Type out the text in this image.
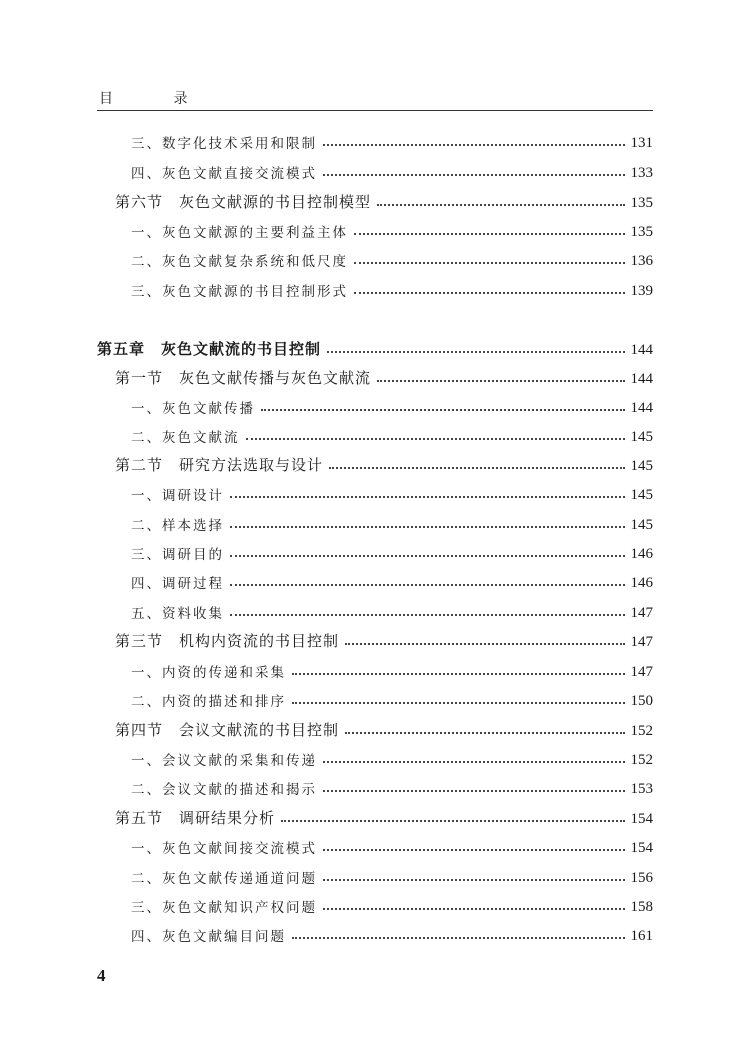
目 录
三、数字化技术采用和限制	131
四、灰色文献直接交流模式	133
第六节　灰色文献源的书目控制模型	135
一、灰色文献源的主要利益主体	135
二、灰色文献复杂系统和低尺度	136
三、灰色文献源的书目控制形式	139
第五章　灰色文献流的书目控制	144
第一节　灰色文献传播与灰色文献流	144
一、灰色文献传播	144
二、灰色文献流	145
第二节　研究方法选取与设计	145
一、调研设计	145
二、样本选择	145
三、调研目的	146
四、调研过程	146
五、资料收集	147
第三节　机构内资流的书目控制	147
一、内资的传递和采集	147
二、内资的描述和排序	150
第四节　会议文献流的书目控制	152
一、会议文献的采集和传递	152
二、会议文献的描述和揭示	153
第五节　调研结果分析	154
一、灰色文献间接交流模式	154
二、灰色文献传递通道问题	156
三、灰色文献知识产权问题	158
四、灰色文献编目问题	161
4
